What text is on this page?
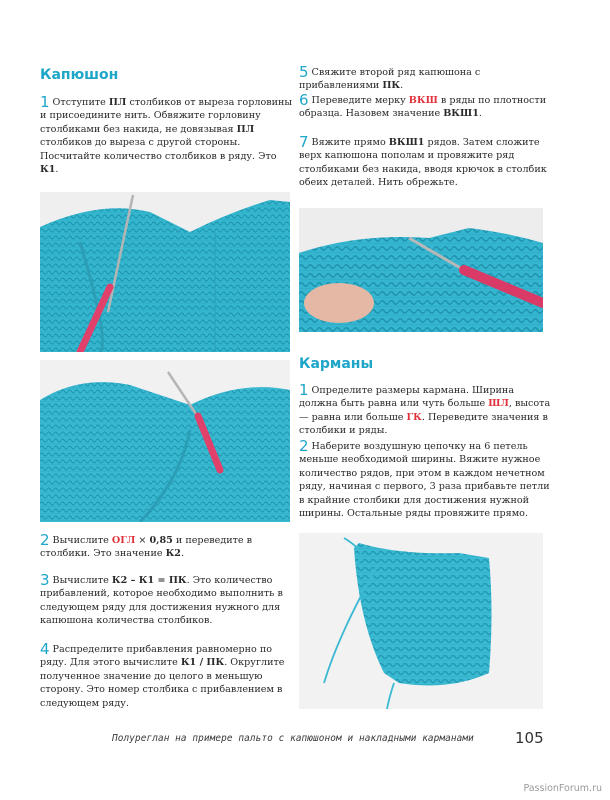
Капюшон
1 Отступите ПЛ столбиков от выреза горловины и присоедините нить. Обвяжите горловину столбиками без накида, не довязывая ПЛ столбиков до выреза с другой стороны. Посчитайте количество столбиков в ряду. Это К1.
2 Вычислите ОГЛ × 0,85 и переведите в столбики. Это значение К2.
3 Вычислите К2 – К1 = ПК. Это количество прибавлений, которое необходимо выполнить в следующем ряду для достижения нужного для капюшона количества столбиков.
4 Распределите прибавления равномерно по ряду. Для этого вычислите К1 / ПК. Округлите полученное значение до целого в меньшую сторону. Это номер столбика с прибавлением в следующем ряду.
5 Свяжите второй ряд капюшона с прибавлениями ПК.
6 Переведите мерку ВКШ в ряды по плотности образца. Назовем значение ВКШ1.
7 Вяжите прямо ВКШ1 рядов. Затем сложите верх капюшона пополам и провяжите ряд столбиками без накида, вводя крючок в столбик обеих деталей. Нить обрежьте.
Карманы
1 Определите размеры кармана. Ширина должна быть равна или чуть больше ШЛ, высота — равна или больше ГК. Переведите значения в столбики и ряды.
2 Наберите воздушную цепочку на 6 петель меньше необходимой ширины. Вяжите нужное количество рядов, при этом в каждом нечетном ряду, начиная с первого, 3 раза прибавьте петли в крайние столбики для достижения нужной ширины. Остальные ряды провяжите прямо.
Полуреглан на примере пальто с капюшоном и накладными карманами	105
PassionForum.ru
